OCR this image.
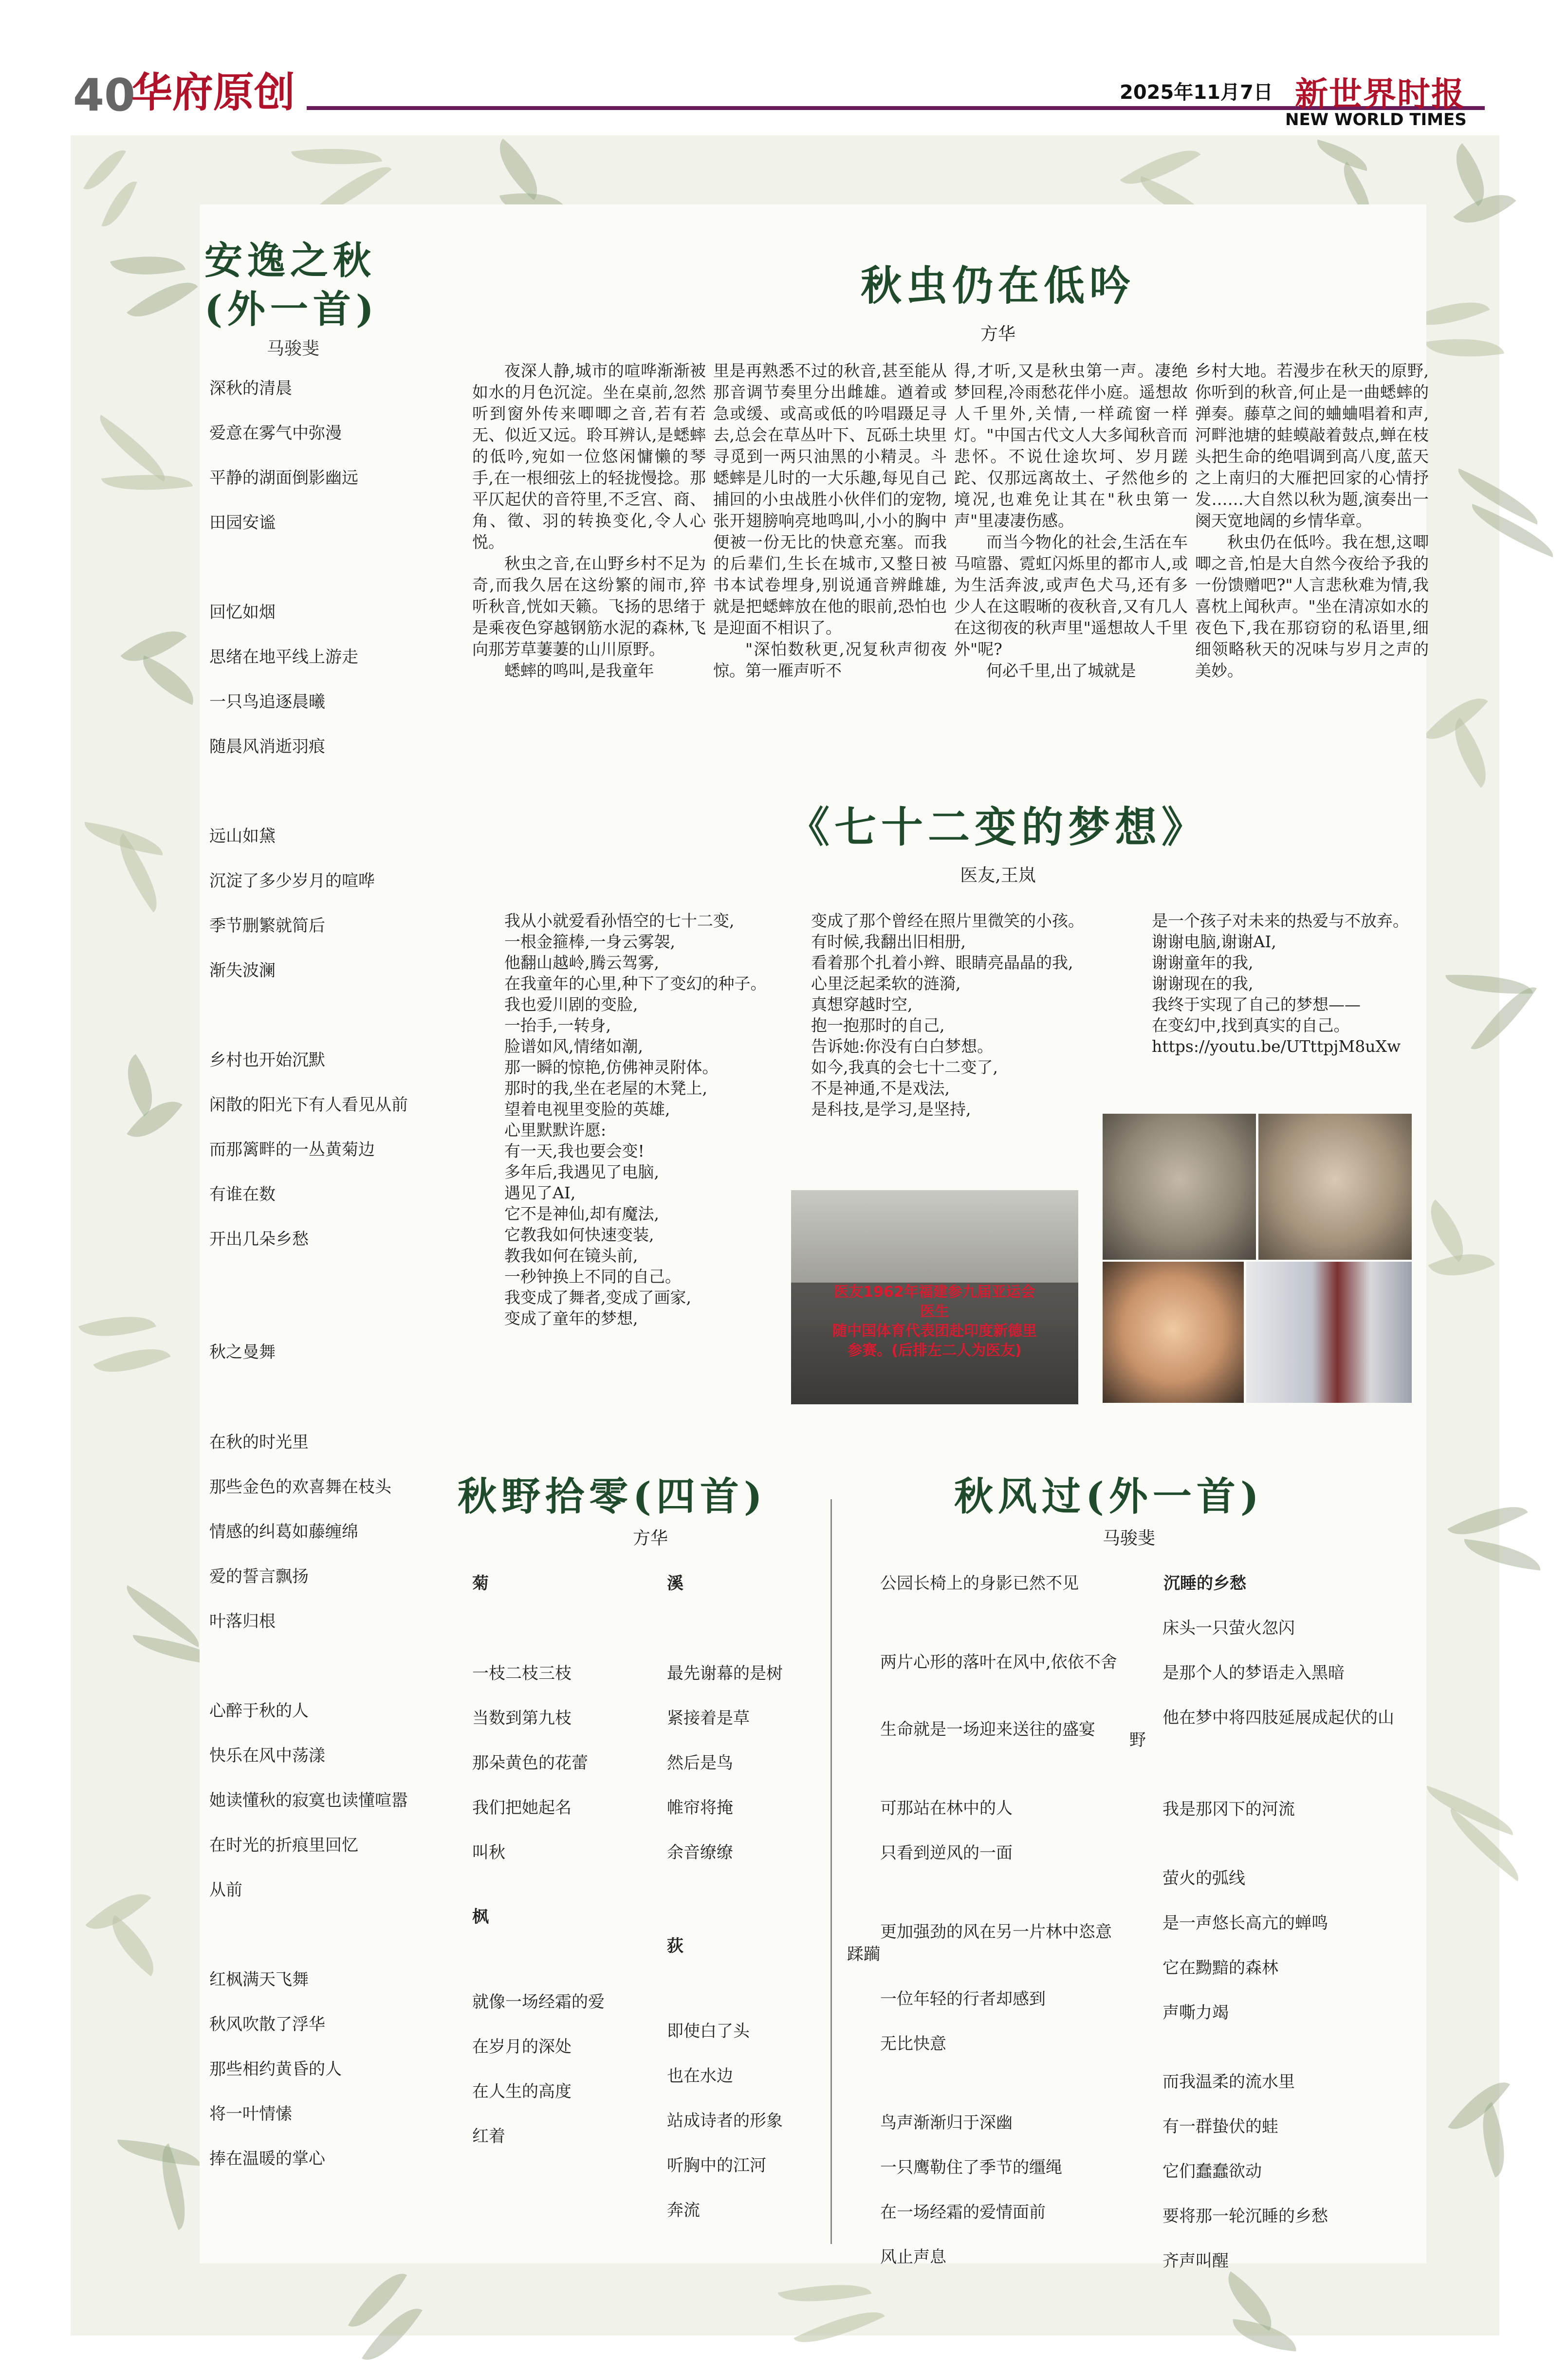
40
华府原创	2025年11月7日 新世界时报
NEW WORLD TIMES
安逸之秋
(外一首)
马骏斐
深秋的清晨
爱意在雾气中弥漫
平静的湖面倒影幽远
田园安谧
回忆如烟
思绪在地平线上游走
一只鸟追逐晨曦
随晨风消逝羽痕
远山如黛
沉淀了多少岁月的喧哗
季节删繁就简后
渐失波澜
乡村也开始沉默
闲散的阳光下有人看见从前
而那篱畔的一丛黄菊边
有谁在数
开出几朵乡愁
秋之曼舞
在秋的时光里
那些金色的欢喜舞在枝头
情感的纠葛如藤缠绵
爱的誓言飘扬
叶落归根
心醉于秋的人
快乐在风中荡漾
她读懂秋的寂寞也读懂喧嚣
在时光的折痕里回忆
从前
红枫满天飞舞
秋风吹散了浮华
那些相约黄昏的人
将一叶情愫
捧在温暖的掌心
秋虫仍在低吟
方华

夜深人静,城市的喧哗渐渐被如水的月色沉淀。坐在桌前,忽然听到窗外传来唧唧之音,若有若无、似近又远。聆耳辨认,是蟋蟀的低吟,宛如一位悠闲慵懒的琴手,在一根细弦上的轻拢慢捻。那平仄起伏的音符里,不乏宫、商、角、徵、羽的转换变化,令人心悦。

秋虫之音,在山野乡村不足为奇,而我久居在这纷繁的闹市,猝听秋音,恍如天籁。飞扬的思绪于是乘夜色穿越钢筋水泥的森林,飞向那芳草萋萋的山川原野。

蟋蟀的鸣叫,是我童年

里是再熟悉不过的秋音,甚至能从那音调节奏里分出雌雄。遒着或急或缓、或高或低的吟唱蹑足寻去,总会在草丛叶下、瓦砾土块里寻觅到一两只油黑的小精灵。斗蟋蟀是儿时的一大乐趣,每见自己捕回的小虫战胜小伙伴们的宠物,张开翅膀响亮地鸣叫,小小的胸中便被一份无比的快意充塞。而我的后辈们,生长在城市,又整日被书本试卷埋身,别说通音辨雌雄,就是把蟋蟀放在他的眼前,恐怕也是迎面不相识了。

"深怕数秋更,况复秋声彻夜惊。第一雁声听不

得,才听,又是秋虫第一声。凄绝梦回程,冷雨愁花伴小庭。遥想故人千里外,关情,一样疏窗一样灯。"中国古代文人大多闻秋音而悲怀。不说仕途坎坷、岁月蹉跎、仅那远离故土、孑然他乡的境况,也难免让其在"秋虫第一声"里凄凄伤感。

而当今物化的社会,生活在车马喧嚣、霓虹闪烁里的都市人,或为生活奔波,或声色犬马,还有多少人在这暇晰的夜秋音,又有几人在这彻夜的秋声里"遥想故人千里外"呢?

何必千里,出了城就是

乡村大地。若漫步在秋天的原野,你听到的秋音,何止是一曲蟋蟀的弹奏。藤草之间的蛐蛐唱着和声,河畔池塘的蛙蟆敲着鼓点,蝉在枝头把生命的绝唱调到高八度,蓝天之上南归的大雁把回家的心情抒发……大自然以秋为题,演奏出一阕天宽地阔的乡情华章。

秋虫仍在低吟。我在想,这唧唧之音,怕是大自然今夜给予我的一份馈赠吧?"人言悲秋难为情,我喜枕上闻秋声。"坐在清凉如水的夜色下,我在那窃窃的私语里,细细领略秋天的况味与岁月之声的美妙。

《七十二变的梦想》
医友,王岚
我从小就爱看孙悟空的七十二变,
一根金箍棒,一身云雾袈,
他翻山越岭,腾云驾雾,
在我童年的心里,种下了变幻的种子。
我也爱川剧的变脸,
一抬手,一转身,
脸谱如风,情绪如潮,
那一瞬的惊艳,仿佛神灵附体。
那时的我,坐在老屋的木凳上,
望着电视里变脸的英雄,
心里默默许愿:
有一天,我也要会变!
多年后,我遇见了电脑,
遇见了AI,
它不是神仙,却有魔法,
它教我如何快速变装,
教我如何在镜头前,
一秒钟换上不同的自己。
我变成了舞者,变成了画家,
变成了童年的梦想,
变成了那个曾经在照片里微笑的小孩。
有时候,我翻出旧相册,
看着那个扎着小辫、眼睛亮晶晶的我,
心里泛起柔软的涟漪,
真想穿越时空,
抱一抱那时的自己,
告诉她:你没有白白梦想。
如今,我真的会七十二变了,
不是神通,不是戏法,
是科技,是学习,是坚持,
是一个孩子对未来的热爱与不放弃。
谢谢电脑,谢谢AI,
谢谢童年的我,
谢谢现在的我,
我终于实现了自己的梦想——
在变幻中,找到真实的自己。
https://youtu.be/UTttpjM8uXw
医友1962年福建参九届亚运会
医生
随中国体育代表团赴印度新德里
参赛。(后排左二人为医友)
秋野拾零(四首)
方华
菊
一枝二枝三枝
当数到第九枝
那朵黄色的花蕾
我们把她起名
叫秋
枫
就像一场经霜的爱
在岁月的深处
在人生的高度
红着
溪
最先谢幕的是树
紧接着是草
然后是鸟
帷帘将掩
余音缭缭
荻
即使白了头
也在水边
站成诗者的形象
听胸中的江河
奔流
秋风过(外一首)
马骏斐
公园长椅上的身影已然不见
两片心形的落叶在风中,依依不舍
生命就是一场迎来送往的盛宴
可那站在林中的人
只看到逆风的一面
更加强劲的风在另一片林中恣意蹂躏
一位年轻的行者却感到
无比快意
鸟声渐渐归于深幽
一只鹰勒住了季节的缰绳
在一场经霜的爱情面前
风止声息
沉睡的乡愁
床头一只萤火忽闪
是那个人的梦语走入黑暗
他在梦中将四肢延展成起伏的山野
我是那冈下的河流
萤火的弧线
是一声悠长高亢的蝉鸣
它在黝黯的森林
声嘶力竭
而我温柔的流水里
有一群蛰伏的蛙
它们蠢蠢欲动
要将那一轮沉睡的乡愁
齐声叫醒
